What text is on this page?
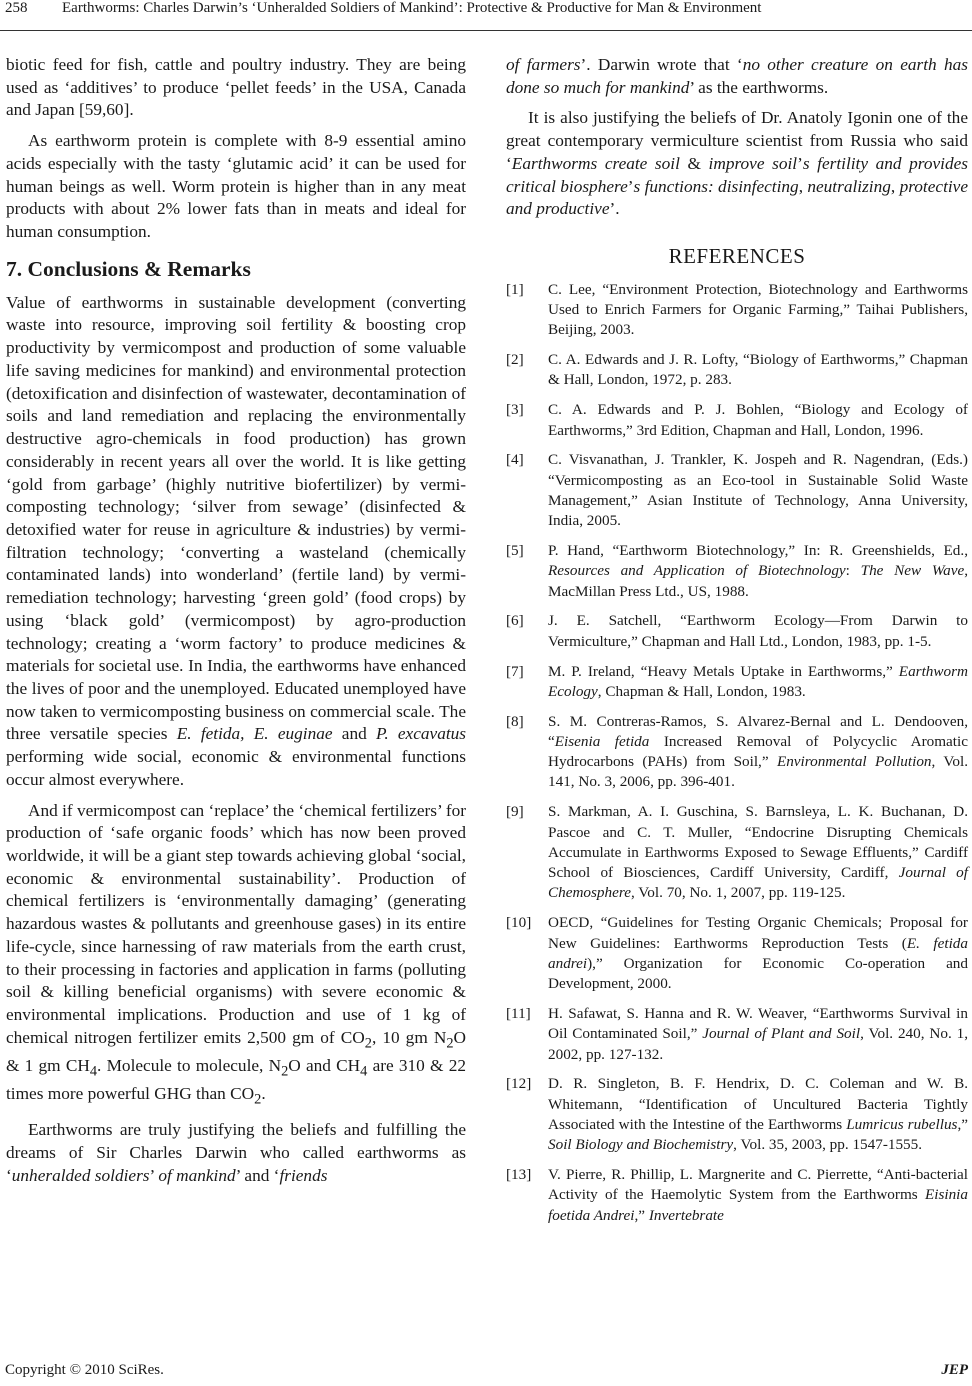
258 Earthworms: Charles Darwin’s ‘Unheralded Soldiers of Mankind’: Protective & Productive for Man & Environment

biotic feed for fish, cattle and poultry industry. They are being used as ‘additives’ to produce ‘pellet feeds’ in the USA, Canada and Japan [59,60].

As earthworm protein is complete with 8-9 essential amino acids especially with the tasty ‘glutamic acid’ it can be used for human beings as well. Worm protein is higher than in any meat products with about 2% lower fats than in meats and ideal for human consumption.

7. Conclusions & Remarks

Value of earthworms in sustainable development (converting waste into resource, improving soil fertility & boosting crop productivity by vermicompost and production of some valuable life saving medicines for mankind) and environmental protection (detoxification and disinfection of wastewater, decontamination of soils and land remediation and replacing the environmentally destructive agro-chemicals in food production) has grown considerably in recent years all over the world. It is like getting ‘gold from garbage’ (highly nutritive biofertilizer) by vermi-composting technology; ‘silver from sewage’ (disinfected & detoxified water for reuse in agriculture & industries) by vermi-filtration technology; ‘converting a wasteland (chemically contaminated lands) into wonderland’ (fertile land) by vermi-remediation technology; harvesting ‘green gold’ (food crops) by using ‘black gold’ (vermicompost) by agro-production technology; creating a ‘worm factory’ to produce medicines & materials for societal use. In India, the earthworms have enhanced the lives of poor and the unemployed. Educated unemployed have now taken to vermicomposting business on commercial scale. The three versatile species E. fetida, E. euginae and P. excavatus performing wide social, economic & environmental functions occur almost everywhere.

And if vermicompost can ‘replace’ the ‘chemical fertilizers’ for production of ‘safe organic foods’ which has now been proved worldwide, it will be a giant step towards achieving global ‘social, economic & environmental sustainability’. Production of chemical fertilizers is ‘environmentally damaging’ (generating hazardous wastes & pollutants and greenhouse gases) in its entire life-cycle, since harnessing of raw materials from the earth crust, to their processing in factories and application in farms (polluting soil & killing beneficial organisms) with severe economic & environmental implications. Production and use of 1 kg of chemical nitrogen fertilizer emits 2,500 gm of $CO_2$, 10 gm $N_2O$ & 1 gm $CH_4$. Molecule to molecule, $N_2O$ and $CH_4$ are 310 & 22 times more powerful GHG than $CO_2$.

Earthworms are truly justifying the beliefs and fulfilling the dreams of Sir Charles Darwin who called earthworms as ‘unheralded soldiers’ of mankind’ and ‘friends

of farmers’. Darwin wrote that ‘no other creature on earth has done so much for mankind’ as the earthworms.

It is also justifying the beliefs of Dr. Anatoly Igonin one of the great contemporary vermiculture scientist from Russia who said ‘Earthworms create soil & improve soil’s fertility and provides critical biosphere’s functions: disinfecting, neutralizing, protective and productive’.

REFERENCES
[1]	C. Lee, “Environment Protection, Biotechnology and Earthworms Used to Enrich Farmers for Organic Farming,” Taihai Publishers, Beijing, 2003.
[2]	C. A. Edwards and J. R. Lofty, “Biology of Earthworms,” Chapman & Hall, London, 1972, p. 283.
[3]	C. A. Edwards and P. J. Bohlen, “Biology and Ecology of Earthworms,” 3rd Edition, Chapman and Hall, London, 1996.
[4]	C. Visvanathan, J. Trankler, K. Jospeh and R. Nagendran, (Eds.) “Vermicomposting as an Eco-tool in Sustainable Solid Waste Management,” Asian Institute of Technology, Anna University, India, 2005.
[5]	P. Hand, “Earthworm Biotechnology,” In: R. Greenshields, Ed., Resources and Application of Biotechnology: The New Wave, MacMillan Press Ltd., US, 1988.
[6]	J. E. Satchell, “Earthworm Ecology—From Darwin to Vermiculture,” Chapman and Hall Ltd., London, 1983, pp. 1-5.
[7]	M. P. Ireland, “Heavy Metals Uptake in Earthworms,” Earthworm Ecology, Chapman & Hall, London, 1983.
[8]	S. M. Contreras-Ramos, S. Alvarez-Bernal and L. Dendooven, “Eisenia fetida Increased Removal of Polycyclic Aromatic Hydrocarbons (PAHs) from Soil,” Environmental Pollution, Vol. 141, No. 3, 2006, pp. 396-401.
[9]	S. Markman, A. I. Guschina, S. Barnsleya, L. K. Buchanan, D. Pascoe and C. T. Muller, “Endocrine Disrupting Chemicals Accumulate in Earthworms Exposed to Sewage Effluents,” Cardiff School of Biosciences, Cardiff University, Cardiff, Journal of Chemosphere, Vol. 70, No. 1, 2007, pp. 119-125.
[10]	OECD, “Guidelines for Testing Organic Chemicals; Proposal for New Guidelines: Earthworms Reproduction Tests (E. fetida andrei),” Organization for Economic Co-operation and Development, 2000.
[11]	H. Safawat, S. Hanna and R. W. Weaver, “Earthworms Survival in Oil Contaminated Soil,” Journal of Plant and Soil, Vol. 240, No. 1, 2002, pp. 127-132.
[12]	D. R. Singleton, B. F. Hendrix, D. C. Coleman and W. B. Whitemann, “Identification of Uncultured Bacteria Tightly Associated with the Intestine of the Earthworms Lumricus rubellus,” Soil Biology and Biochemistry, Vol. 35, 2003, pp. 1547-1555.
[13]	V. Pierre, R. Phillip, L. Margnerite and C. Pierrette, “Anti-bacterial Activity of the Haemolytic System from the Earthworms Eisinia foetida Andrei,” Invertebrate
Copyright © 2010 SciRes.	JEP
